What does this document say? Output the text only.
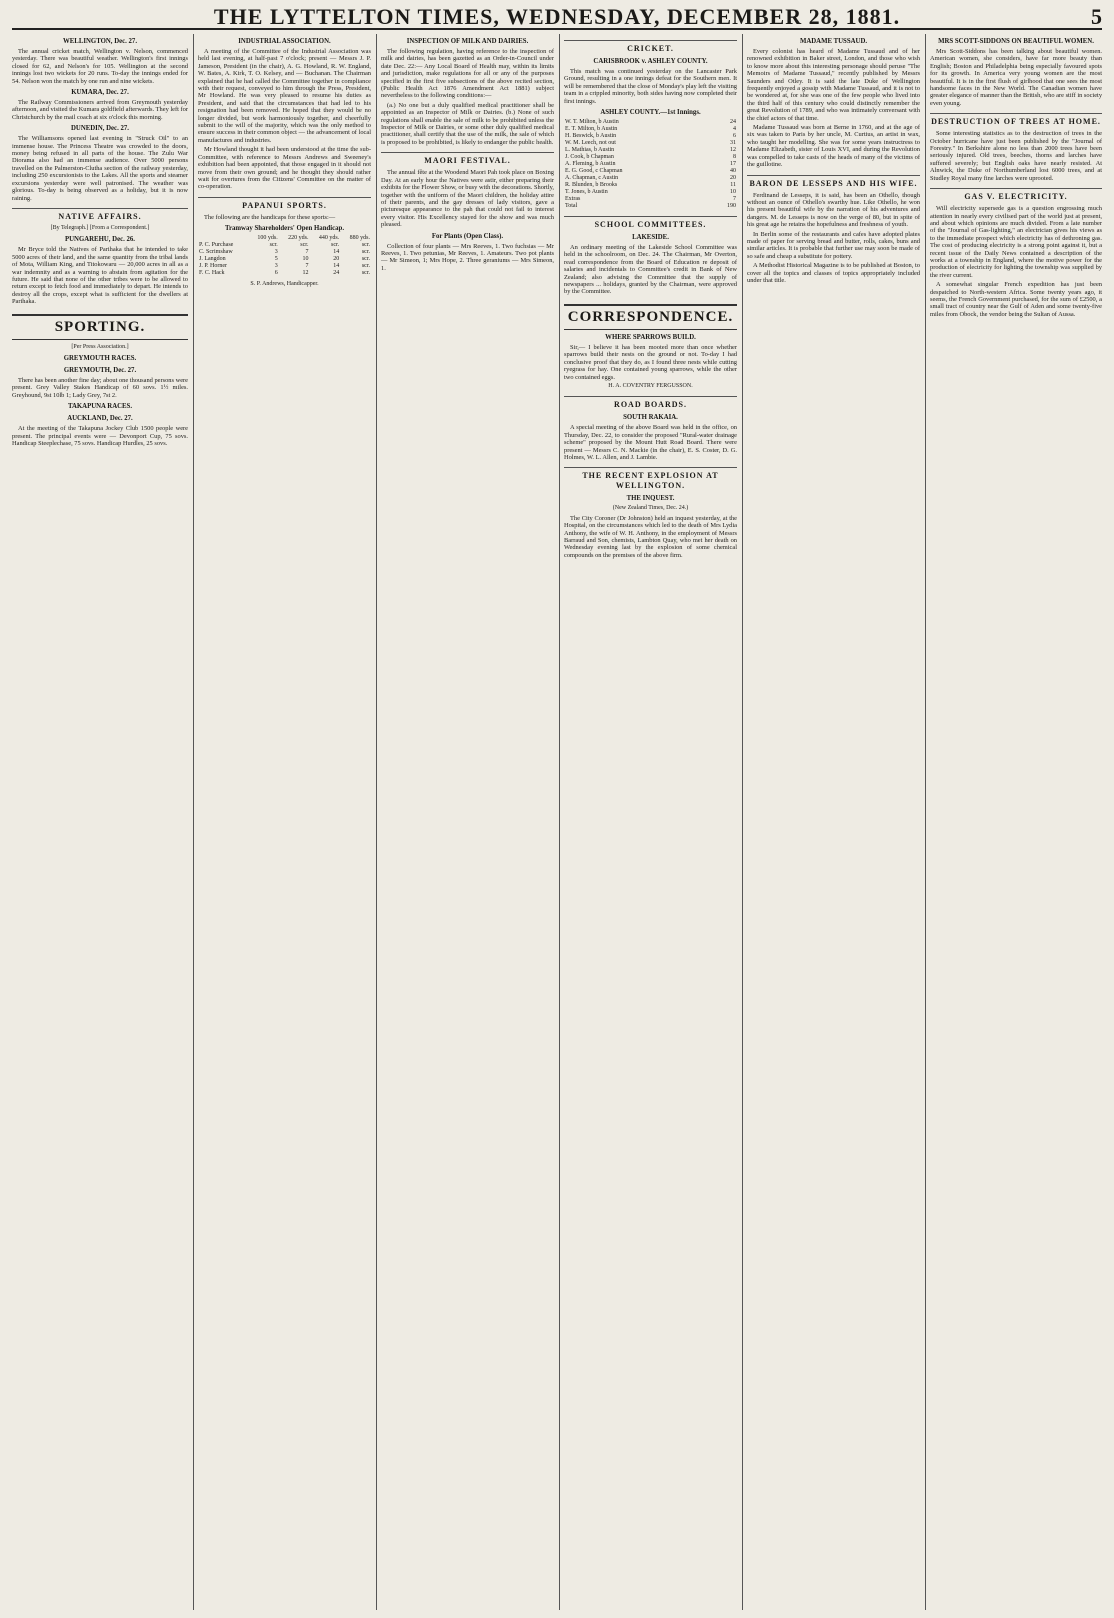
THE LYTTELTON TIMES, WEDNESDAY, DECEMBER 28, 1881.	5
WELLINGTON, Dec. 27.

The annual cricket match, Wellington v. Nelson, commenced yesterday. There was beautiful weather. Wellington's first innings closed for 62, and Nelson's for 105. Wellington at the second innings lost two wickets for 20 runs. To-day the innings ended for 54. Nelson won the match by one run and nine wickets.

KUMARA, Dec. 27.

The Railway Commissioners arrived from Greymouth yesterday afternoon, and visited the Kumara goldfield afterwards. They left for Christchurch by the mail coach at six o'clock this morning.

DUNEDIN, Dec. 27.

The Williamsons opened last evening in "Struck Oil" to an immense house. The Princess Theatre was crowded to the doors, money being refused in all parts of the house. The Zulu War Diorama also had an immense audience. Over 5000 persons travelled on the Palmerston-Clutha section of the railway yesterday, including 250 excursionists to the Lakes. All the sports and steamer excursions yesterday were well patronised. The weather was glorious. To-day is being observed as a holiday, but it is now raining.

NATIVE AFFAIRS.
[By Telegraph.] [From a Correspondent.]
PUNGAREHU, Dec. 26.

Mr Bryce told the Natives of Parihaka that he intended to take 5000 acres of their land, and the same quantity from the tribal lands of Mota, William King, and Titokowaru — 20,000 acres in all as a war indemnity and as a warning to abstain from agitation for the future. He said that none of the other tribes were to be allowed to return except to fetch food and immediately to depart. He intends to destroy all the crops, except what is sufficient for the dwellers at Parihaka.

SPORTING.
[Per Press Association.]
GREYMOUTH RACES.
GREYMOUTH, Dec. 27.

There has been another fine day; about one thousand persons were present. Grey Valley Stakes Handicap of 60 sovs. 1½ miles. Greyhound, 9st 10lb 1; Lady Grey, 7st 2.

TAKAPUNA RACES.
AUCKLAND, Dec. 27.

At the meeting of the Takapuna Jockey Club 1500 people were present. The principal events were — Devonport Cup, 75 sovs. Handicap Steeplechase, 75 sovs. Handicap Hurdles, 25 sovs.

INDUSTRIAL ASSOCIATION.

A meeting of the Committee of the Industrial Association was held last evening, at half-past 7 o'clock; present — Messrs J. P. Jameson, President (in the chair), A. G. Howland, R. W. England, W. Bates, A. Kirk, T. O. Kelsey, and — Buchanan. The Chairman explained that he had called the Committee together in compliance with their request, conveyed to him through the Press, President, Mr Howland. He was very pleased to resume his duties as President, and said that the circumstances that had led to his resignation had been removed. He hoped that they would be no longer divided, but work harmoniously together, and cheerfully submit to the will of the majority, which was the only method to ensure success in their common object — the advancement of local manufactures and industries.

Mr Howland thought it had been understood at the time the sub-Committee, with reference to Messrs Andrews and Sweeney's exhibition had been appointed, that those engaged in it should not move from their own ground; and he thought they should rather wait for overtures from the Citizens' Committee on the matter of co-operation.

PAPANUI SPORTS.

The following are the handicaps for these sports:—

Tramway Shareholders' Open Handicap.
	100 yds.	220 yds.	440 yds.	880 yds.
P. C. Purchase	scr.	scr.	scr.	scr.
C. Scrimshaw	3	7	14	scr.
J. Langdon	5	10	20	scr.
J. P. Horner	3	7	14	scr.
F. C. Hack	6	12	24	scr.
S. P. Andrews, Handicapper.
INSPECTION OF MILK AND DAIRIES.

The following regulation, having reference to the inspection of milk and dairies, has been gazetted as an Order-in-Council under date Dec. 22:— Any Local Board of Health may, within its limits and jurisdiction, make regulations for all or any of the purposes specified in the first five subsections of the above recited section, (Public Health Act 1876 Amendment Act 1881) subject nevertheless to the following conditions:—

(a.) No one but a duly qualified medical practitioner shall be appointed as an Inspector of Milk or Dairies. (b.) None of such regulations shall enable the sale of milk to be prohibited unless the Inspector of Milk or Dairies, or some other duly qualified medical practitioner, shall certify that the use of the milk, the sale of which is proposed to be prohibited, is likely to endanger the public health.

MAORI FESTIVAL.

The annual fête at the Woodend Maori Pah took place on Boxing Day. At an early hour the Natives were astir, either preparing their exhibits for the Flower Show, or busy with the decorations. Shortly, together with the uniform of the Maori children, the holiday attire of their parents, and the gay dresses of lady visitors, gave a picturesque appearance to the pah that could not fail to interest every visitor. His Excellency stayed for the show and was much pleased.

For Plants (Open Class).

Collection of four plants — Mrs Reeves, 1. Two fuchsias — Mr Reeves, 1. Two petunias, Mr Reeves, 1. Amateurs. Two pot plants — Mr Simeon, 1; Mrs Hope, 2. Three geraniums — Mrs Simeon, 1.

CRICKET.
CARISBROOK v. ASHLEY COUNTY.

This match was continued yesterday on the Lancaster Park Ground, resulting in a one innings defeat for the Southern men. It will be remembered that the close of Monday's play left the visiting team in a crippled minority, both sides having now completed their first innings.

ASHLEY COUNTY.—1st Innings.
W. T. Milton, b Austin	24
E. T. Milton, b Austin	4
H. Beswick, b Austin	6
W. M. Leech, not out	31
L. Mathias, b Austin	12
J. Cook, b Chapman	8
A. Fleming, b Austin	17
E. G. Good, c Chapman	40
A. Chapman, c Austin	20
R. Blunden, b Brooks	11
T. Jones, b Austin	10
Extras	7
Total	190
SCHOOL COMMITTEES.
LAKESIDE.

An ordinary meeting of the Lakeside School Committee was held in the schoolroom, on Dec. 24. The Chairman, Mr Overton, read correspondence from the Board of Education re deposit of salaries and incidentals to Committee's credit in Bank of New Zealand; also advising the Committee that the supply of newspapers ... holidays, granted by the Chairman, were approved by the Committee.

CORRESPONDENCE.
WHERE SPARROWS BUILD.

Sir,— I believe it has been mooted more than once whether sparrows build their nests on the ground or not. To-day I had conclusive proof that they do, as I found three nests while cutting ryegrass for hay. One contained young sparrows, while the other two contained eggs.

H. A. COVENTRY FERGUSSON.
ROAD BOARDS.
SOUTH RAKAIA.

A special meeting of the above Board was held in the office, on Thursday, Dec. 22, to consider the proposed "Rural-water drainage scheme" proposed by the Mount Hutt Road Board. There were present — Messrs C. N. Mackie (in the chair), E. S. Coster, D. G. Holmes, W. L. Allen, and J. Lambie.

THE RECENT EXPLOSION AT WELLINGTON.
THE INQUEST.
(New Zealand Times, Dec. 24.)

The City Coroner (Dr Johnston) held an inquest yesterday, at the Hospital, on the circumstances which led to the death of Mrs Lydia Anthony, the wife of W. H. Anthony, in the employment of Messrs Barraud and Son, chemists, Lambton Quay, who met her death on Wednesday evening last by the explosion of some chemical compounds on the premises of the above firm.

MADAME TUSSAUD.

Every colonist has heard of Madame Tussaud and of her renowned exhibition in Baker street, London, and those who wish to know more about this interesting personage should peruse "The Memoirs of Madame Tussaud," recently published by Messrs Saunders and Otley. It is said the late Duke of Wellington frequently enjoyed a gossip with Madame Tussaud, and it is not to be wondered at, for she was one of the few people who lived into the third half of this century who could distinctly remember the great Revolution of 1789, and who was intimately conversant with the chief actors of that time.

Madame Tussaud was born at Berne in 1760, and at the age of six was taken to Paris by her uncle, M. Curtius, an artist in wax, who taught her modelling. She was for some years instructress to Madame Elizabeth, sister of Louis XVI, and during the Revolution was compelled to take casts of the heads of many of the victims of the guillotine.

BARON DE LESSEPS AND HIS WIFE.

Ferdinand de Lesseps, it is said, has been an Othello, though without an ounce of Othello's swarthy hue. Like Othello, he won his present beautiful wife by the narration of his adventures and dangers. M. de Lesseps is now on the verge of 80, but in spite of his great age he retains the hopefulness and freshness of youth.

In Berlin some of the restaurants and cafes have adopted plates made of paper for serving bread and butter, rolls, cakes, buns and similar articles. It is probable that further use may soon be made of so safe and cheap a substitute for pottery.

A Methodist Historical Magazine is to be published at Boston, to cover all the topics and classes of topics appropriately included under that title.

MRS SCOTT-SIDDONS ON BEAUTIFUL WOMEN.

Mrs Scott-Siddons has been talking about beautiful women. American women, she considers, have far more beauty than English; Boston and Philadelphia being especially favoured spots for its growth. In America very young women are the most beautiful. It is in the first flush of girlhood that one sees the most handsome faces in the New World. The Canadian women have greater elegance of manner than the British, who are stiff in society even young.

DESTRUCTION OF TREES AT HOME.

Some interesting statistics as to the destruction of trees in the October hurricane have just been published by the "Journal of Forestry." In Berkshire alone no less than 2000 trees have been seriously injured. Old trees, beeches, thorns and larches have suffered severely; but English oaks have nearly resisted. At Alnwick, the Duke of Northumberland lost 6000 trees, and at Studley Royal many fine larches were uprooted.

GAS V. ELECTRICITY.

Will electricity supersede gas is a question engrossing much attention in nearly every civilised part of the world just at present, and about which opinions are much divided. From a late number of the "Journal of Gas-lighting," an electrician gives his views as to the immediate prospect which electricity has of dethroning gas. The cost of producing electricity is a strong point against it, but a recent issue of the Daily News contained a description of the works at a township in England, where the motive power for the production of electricity for lighting the township was supplied by the river current.

A somewhat singular French expedition has just been despatched to North-western Africa. Some twenty years ago, it seems, the French Government purchased, for the sum of £2500, a small tract of country near the Gulf of Aden and some twenty-five miles from Obock, the vendor being the Sultan of Aussa.
